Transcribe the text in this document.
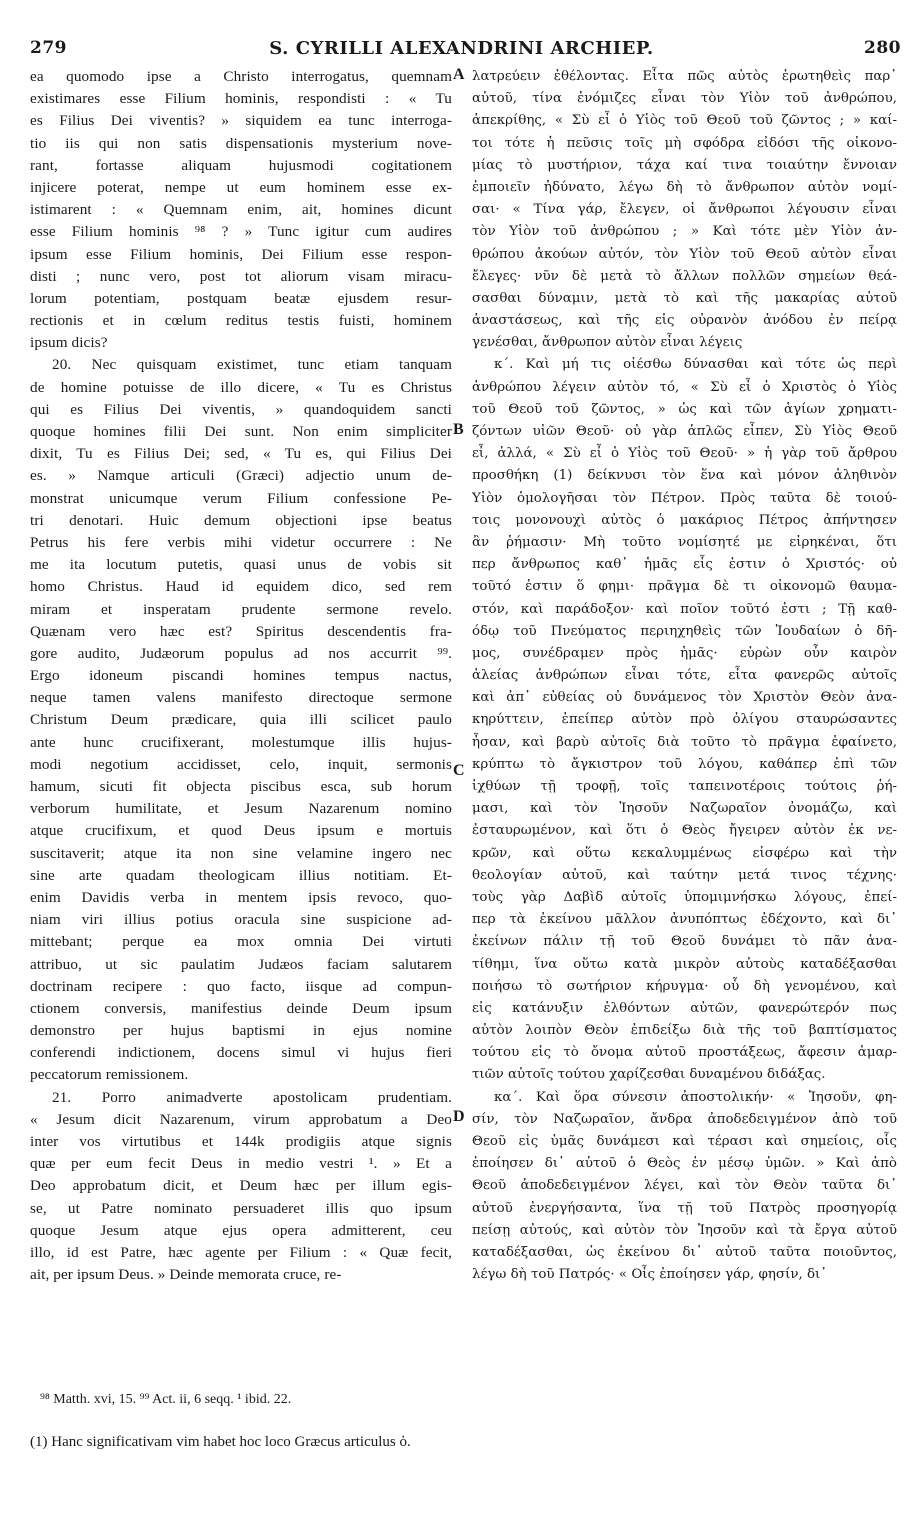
279	S. CYRILLI ALEXANDRINI ARCHIEP.	280
ea quomodo ipse a Christo interrogatus, quemnam
existimares esse Filium hominis, respondisti : « Tu
es Filius Dei viventis? » siquidem ea tunc interroga-
tio iis qui non satis dispensationis mysterium nove-
rant, fortasse aliquam hujusmodi cogitationem
injicere poterat, nempe ut eum hominem esse ex-
istimarent : « Quemnam enim, ait, homines dicunt
esse Filium hominis ⁹⁸ ? » Tunc igitur cum audires
ipsum esse Filium hominis, Dei Filium esse respon-
disti ; nunc vero, post tot aliorum visam miracu-
lorum potentiam, postquam beatæ ejusdem resur-
rectionis et in cœlum reditus testis fuisti, hominem
ipsum dicis?
20. Nec quisquam existimet, tunc etiam tanquam
de homine potuisse de illo dicere, « Tu es Christus
qui es Filius Dei viventis, » quandoquidem sancti
quoque homines filii Dei sunt. Non enim simpliciter
dixit, Tu es Filius Dei; sed, « Tu es, qui Filius Dei
es. » Namque articuli (Græci) adjectio unum de-
monstrat unicumque verum Filium confessione Pe-
tri denotari. Huic demum objectioni ipse beatus
Petrus his fere verbis mihi videtur occurrere : Ne
me ita locutum putetis, quasi unus de vobis sit
homo Christus. Haud id equidem dico, sed rem
miram et insperatam prudente sermone revelo.
Quænam vero hæc est? Spiritus descendentis fra-
gore audito, Judæorum populus ad nos accurrit ⁹⁹.
Ergo idoneum piscandi homines tempus nactus,
neque tamen valens manifesto directoque sermone
Christum Deum prædicare, quia illi scilicet paulo
ante hunc crucifixerant, molestumque illis hujus-
modi negotium accidisset, celo, inquit, sermonis
hamum, sicuti fit objecta piscibus esca, sub horum
verborum humilitate, et Jesum Nazarenum nomino
atque crucifixum, et quod Deus ipsum e mortuis
suscitaverit; atque ita non sine velamine ingero nec
sine arte quadam theologicam illius notitiam. Et-
enim Davidis verba in mentem ipsis revoco, quo-
niam viri illius potius oracula sine suspicione ad-
mittebant; perque ea mox omnia Dei virtuti
attribuo, ut sic paulatim Judæos faciam salutarem
doctrinam recipere : quo facto, iisque ad compun-
ctionem conversis, manifestius deinde Deum ipsum
demonstro per hujus baptismi in ejus nomine
conferendi indictionem, docens simul vi hujus fieri
peccatorum remissionem.
21. Porro animadverte apostolicam prudentiam.
« Jesum dicit Nazarenum, virum approbatum a Deo
inter vos virtutibus et 144k prodigiis atque signis
quæ per eum fecit Deus in medio vestri ¹. » Et a
Deo approbatum dicit, et Deum hæc per illum egis-
se, ut Patre nominato persuaderet illis quo ipsum
quoque Jesum atque ejus opera admitterent, ceu
illo, id est Patre, hæc agente per Filium : « Quæ fecit,
ait, per ipsum Deus. » Deinde memorata cruce, re-
λατρεύειν ἐθέλοντας. Εἶτα πῶς αὐτὸς ἐρωτηθεὶς παρ᾽
αὐτοῦ, τίνα ἐνόμιζες εἶναι τὸν Υἱὸν τοῦ ἀνθρώπου,
ἀπεκρίθης, « Σὺ εἶ ὁ Υἱὸς τοῦ Θεοῦ τοῦ ζῶντος ; » καί-
τοι τότε ἡ πεῦσις τοῖς μὴ σφόδρα εἰδόσι τῆς οἰκονο-
μίας τὸ μυστήριον, τάχα καί τινα τοιαύτην ἔννοιαν
ἐμποιεῖν ἠδύνατο, λέγω δὴ τὸ ἄνθρωπον αὐτὸν νομί-
σαι· « Τίνα γάρ, ἔλεγεν, οἱ ἄνθρωποι λέγουσιν εἶναι
τὸν Υἱὸν τοῦ ἀνθρώπου ; » Καὶ τότε μὲν Υἱὸν ἀν-
θρώπου ἀκούων αὐτόν, τὸν Υἱὸν τοῦ Θεοῦ αὐτὸν εἶναι
ἔλεγες· νῦν δὲ μετὰ τὸ ἄλλων πολλῶν σημείων θεά-
σασθαι δύναμιν, μετὰ τὸ καὶ τῆς μακαρίας αὐτοῦ
ἀναστάσεως, καὶ τῆς εἰς οὐρανὸν ἀνόδου ἐν πείρᾳ
γενέσθαι, ἄνθρωπον αὐτὸν εἶναι λέγεις
κ΄. Καὶ μή τις οἰέσθω δύνασθαι καὶ τότε ὡς περὶ
ἀνθρώπου λέγειν αὐτὸν τό, « Σὺ εἶ ὁ Χριστὸς ὁ Υἱὸς
τοῦ Θεοῦ τοῦ ζῶντος, » ὡς καὶ τῶν ἁγίων χρηματι-
ζόντων υἱῶν Θεοῦ· οὐ γὰρ ἁπλῶς εἶπεν, Σὺ Υἱὸς Θεοῦ
εἶ, ἀλλά, « Σὺ εἶ ὁ Υἱὸς τοῦ Θεοῦ· » ἡ γὰρ τοῦ ἄρθρου
προσθήκη (1) δείκνυσι τὸν ἕνα καὶ μόνον ἀληθινὸν
Υἱὸν ὁμολογῆσαι τὸν Πέτρον. Πρὸς ταῦτα δὲ τοιού-
τοις μονονουχὶ αὐτὸς ὁ μακάριος Πέτρος ἀπήντησεν
ἂν ῥήμασιν· Μὴ τοῦτο νομίσητέ με εἰρηκέναι, ὅτι
περ ἄνθρωπος καθ᾽ ἡμᾶς εἷς ἐστιν ὁ Χριστός· οὐ
τοῦτό ἐστιν ὅ φημι· πρᾶγμα δὲ τι οἰκονομῶ θαυμα-
στόν, καὶ παράδοξον· καὶ ποῖον τοῦτό ἐστι ; Τῇ καθ-
όδῳ τοῦ Πνεύματος περιηχηθεὶς τῶν Ἰουδαίων ὁ δῆ-
μος, συνέδραμεν πρὸς ἡμᾶς· εὑρὼν οὖν καιρὸν
ἁλείας ἀνθρώπων εἶναι τότε, εἶτα φανερῶς αὐτοῖς
καὶ ἀπ᾽ εὐθείας οὐ δυνάμενος τὸν Χριστὸν Θεὸν ἀνα-
κηρύττειν, ἐπείπερ αὐτὸν πρὸ ὀλίγου σταυρώσαντες
ἦσαν, καὶ βαρὺ αὐτοῖς διὰ τοῦτο τὸ πρᾶγμα ἐφαίνετο,
κρύπτω τὸ ἄγκιστρον τοῦ λόγου, καθάπερ ἐπὶ τῶν
ἰχθύων τῇ τροφῇ, τοῖς ταπεινοτέροις τούτοις ῥή-
μασι, καὶ τὸν Ἰησοῦν Ναζωραῖον ὀνομάζω, καὶ
ἐσταυρωμένον, καὶ ὅτι ὁ Θεὸς ἤγειρεν αὐτὸν ἐκ νε-
κρῶν, καὶ οὕτω κεκαλυμμένως εἰσφέρω καὶ τὴν
θεολογίαν αὐτοῦ, καὶ ταύτην μετά τινος τέχνης·
τοὺς γὰρ Δαβὶδ αὐτοῖς ὑπομιμνήσκω λόγους, ἐπεί-
περ τὰ ἐκείνου μᾶλλον ἀνυπόπτως ἐδέχοντο, καὶ δι᾽
ἐκείνων πάλιν τῇ τοῦ Θεοῦ δυνάμει τὸ πᾶν ἀνα-
τίθημι, ἵνα οὕτω κατὰ μικρὸν αὐτοὺς καταδέξασθαι
ποιήσω τὸ σωτήριον κήρυγμα· οὗ δὴ γενομένου, καὶ
εἰς κατάνυξιν ἐλθόντων αὐτῶν, φανερώτερόν πως
αὐτὸν λοιπὸν Θεὸν ἐπιδείξω διὰ τῆς τοῦ βαπτίσματος
τούτου εἰς τὸ ὄνομα αὐτοῦ προστάξεως, ἄφεσιν ἁμαρ-
τιῶν αὐτοῖς τούτου χαρίζεσθαι δυναμένου διδάξας.
κα΄. Καὶ ὅρα σύνεσιν ἀποστολικήν· « Ἰησοῦν, φη-
σίν, τὸν Ναζωραῖον, ἄνδρα ἀποδεδειγμένον ἀπὸ τοῦ
Θεοῦ εἰς ὑμᾶς δυνάμεσι καὶ τέρασι καὶ σημείοις, οἷς
ἐποίησεν δι᾽ αὐτοῦ ὁ Θεὸς ἐν μέσῳ ὑμῶν. » Καὶ ἀπὸ
Θεοῦ ἀποδεδειγμένον λέγει, καὶ τὸν Θεὸν ταῦτα δι᾽
αὐτοῦ ἐνεργήσαντα, ἵνα τῇ τοῦ Πατρὸς προσηγορίᾳ
πείσῃ αὐτούς, καὶ αὐτὸν τὸν Ἰησοῦν καὶ τὰ ἔργα αὐτοῦ
καταδέξασθαι, ὡς ἐκείνου δι᾽ αὐτοῦ ταῦτα ποιοῦντος,
λέγω δὴ τοῦ Πατρός· « Οἷς ἐποίησεν γάρ, φησίν, δι᾽
A
B
C
D
⁹⁸ Matth. xvi, 15. ⁹⁹ Act. ii, 6 seqq. ¹ ibid. 22.
(1) Hanc significativam vim habet hoc loco Græcus articulus ὁ.
